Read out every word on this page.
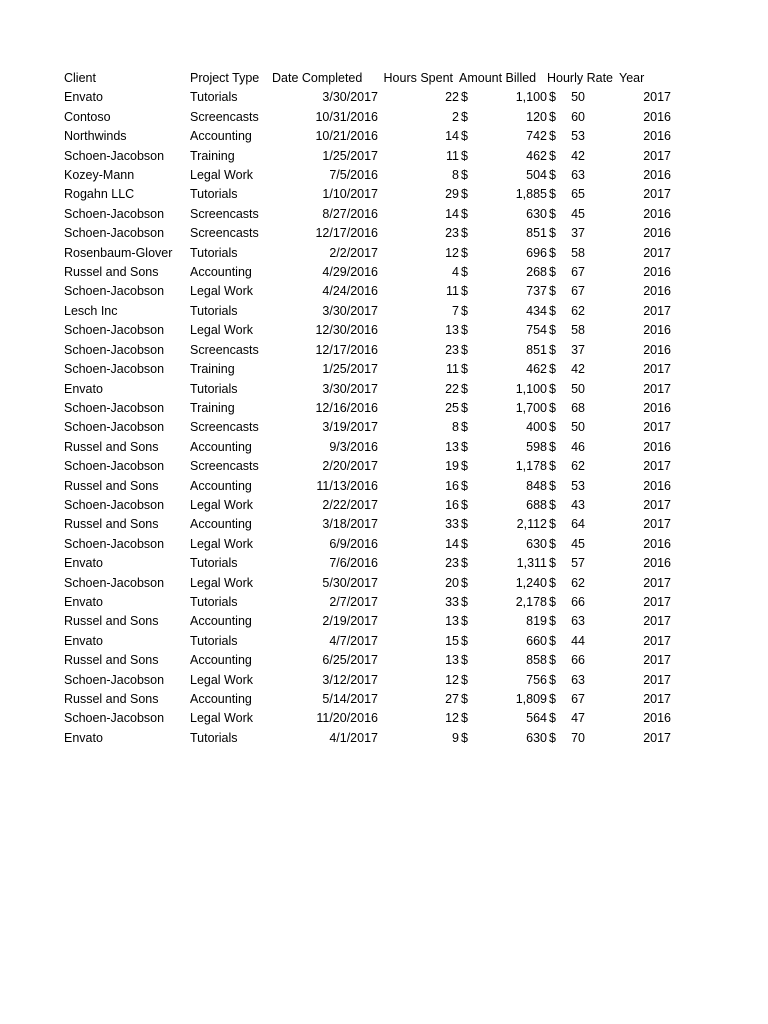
Client	Project Type	Date Completed	Hours Spent	Amount Billed		Hourly Rate		Year
Envato	Tutorials	3/30/2017	22	$	1,100	$	50	2017
Contoso	Screencasts	10/31/2016	2	$	120	$	60	2016
Northwinds	Accounting	10/21/2016	14	$	742	$	53	2016
Schoen-Jacobson	Training	1/25/2017	11	$	462	$	42	2017
Kozey-Mann	Legal Work	7/5/2016	8	$	504	$	63	2016
Rogahn LLC	Tutorials	1/10/2017	29	$	1,885	$	65	2017
Schoen-Jacobson	Screencasts	8/27/2016	14	$	630	$	45	2016
Schoen-Jacobson	Screencasts	12/17/2016	23	$	851	$	37	2016
Rosenbaum-Glover	Tutorials	2/2/2017	12	$	696	$	58	2017
Russel and Sons	Accounting	4/29/2016	4	$	268	$	67	2016
Schoen-Jacobson	Legal Work	4/24/2016	11	$	737	$	67	2016
Lesch Inc	Tutorials	3/30/2017	7	$	434	$	62	2017
Schoen-Jacobson	Legal Work	12/30/2016	13	$	754	$	58	2016
Schoen-Jacobson	Screencasts	12/17/2016	23	$	851	$	37	2016
Schoen-Jacobson	Training	1/25/2017	11	$	462	$	42	2017
Envato	Tutorials	3/30/2017	22	$	1,100	$	50	2017
Schoen-Jacobson	Training	12/16/2016	25	$	1,700	$	68	2016
Schoen-Jacobson	Screencasts	3/19/2017	8	$	400	$	50	2017
Russel and Sons	Accounting	9/3/2016	13	$	598	$	46	2016
Schoen-Jacobson	Screencasts	2/20/2017	19	$	1,178	$	62	2017
Russel and Sons	Accounting	11/13/2016	16	$	848	$	53	2016
Schoen-Jacobson	Legal Work	2/22/2017	16	$	688	$	43	2017
Russel and Sons	Accounting	3/18/2017	33	$	2,112	$	64	2017
Schoen-Jacobson	Legal Work	6/9/2016	14	$	630	$	45	2016
Envato	Tutorials	7/6/2016	23	$	1,311	$	57	2016
Schoen-Jacobson	Legal Work	5/30/2017	20	$	1,240	$	62	2017
Envato	Tutorials	2/7/2017	33	$	2,178	$	66	2017
Russel and Sons	Accounting	2/19/2017	13	$	819	$	63	2017
Envato	Tutorials	4/7/2017	15	$	660	$	44	2017
Russel and Sons	Accounting	6/25/2017	13	$	858	$	66	2017
Schoen-Jacobson	Legal Work	3/12/2017	12	$	756	$	63	2017
Russel and Sons	Accounting	5/14/2017	27	$	1,809	$	67	2017
Schoen-Jacobson	Legal Work	11/20/2016	12	$	564	$	47	2016
Envato	Tutorials	4/1/2017	9	$	630	$	70	2017
